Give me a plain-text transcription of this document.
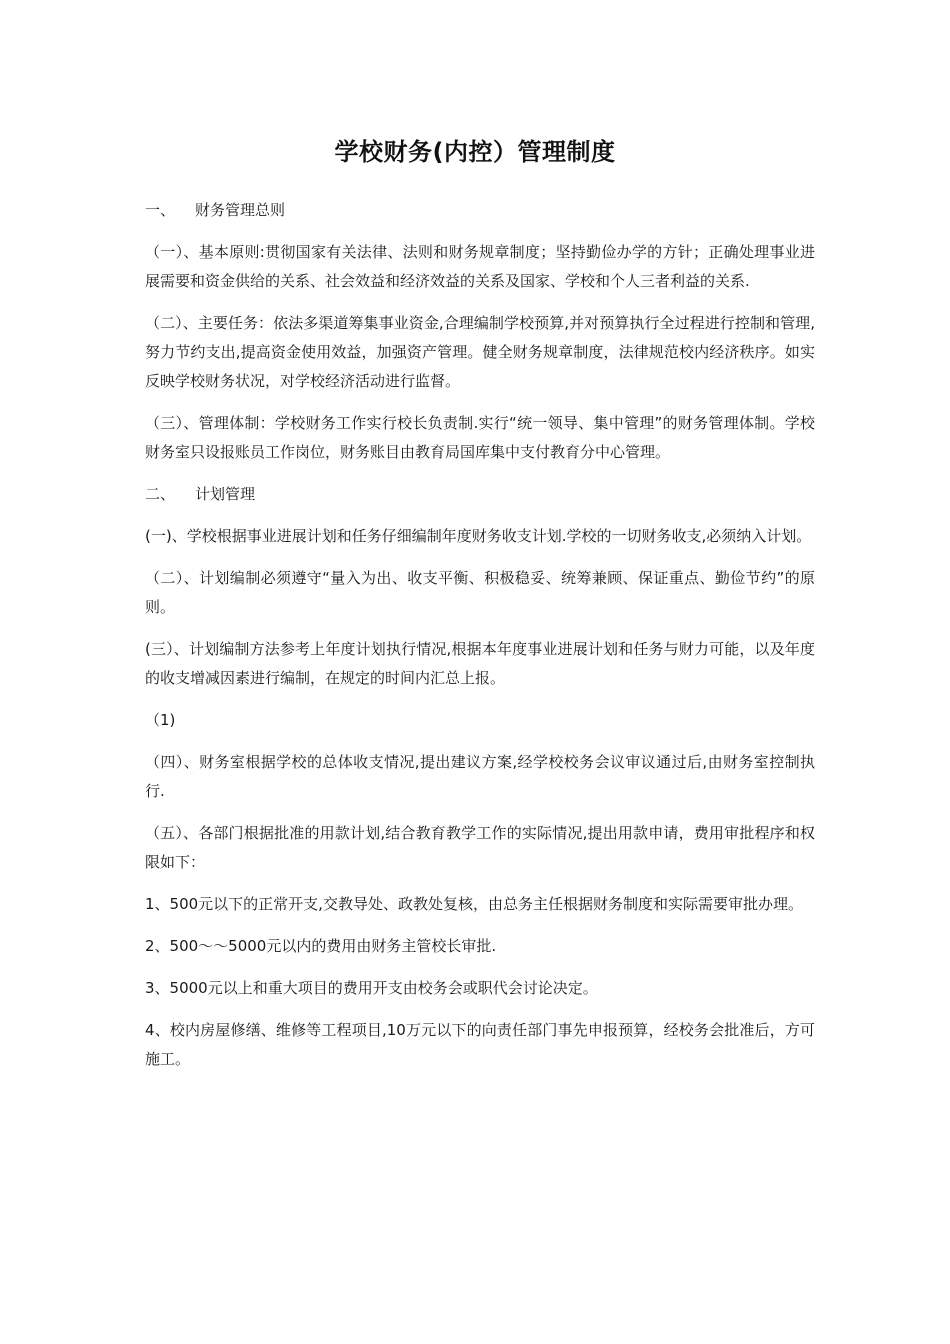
学校财务(内控）管理制度
一、 财务管理总则

（一）、基本原则:贯彻国家有关法律、法则和财务规章制度；坚持勤俭办学的方针；正确处理事业进展需要和资金供给的关系、社会效益和经济效益的关系及国家、学校和个人三者利益的关系.

（二）、主要任务：依法多渠道筹集事业资金,合理编制学校预算,并对预算执行全过程进行控制和管理,努力节约支出,提高资金使用效益，加强资产管理。健全财务规章制度，法律规范校内经济秩序。如实反映学校财务状况，对学校经济活动进行监督。

（三）、管理体制：学校财务工作实行校长负责制.实行“统一领导、集中管理”的财务管理体制。学校财务室只设报账员工作岗位，财务账目由教育局国库集中支付教育分中心管理。

二、 计划管理

(一)、学校根据事业进展计划和任务仔细编制年度财务收支计划.学校的一切财务收支,必须纳入计划。

（二）、计划编制必须遵守“量入为出、收支平衡、积极稳妥、统筹兼顾、保证重点、勤俭节约”的原则。

(三）、计划编制方法参考上年度计划执行情况,根据本年度事业进展计划和任务与财力可能，以及年度的收支增减因素进行编制，在规定的时间内汇总上报。

（1)

（四）、财务室根据学校的总体收支情况,提出建议方案,经学校校务会议审议通过后,由财务室控制执行.

（五）、各部门根据批准的用款计划,结合教育教学工作的实际情况,提出用款申请，费用审批程序和权限如下：

1、500元以下的正常开支,交教导处、政教处复核，由总务主任根据财务制度和实际需要审批办理。

2、500～～5000元以内的费用由财务主管校长审批.

3、5000元以上和重大项目的费用开支由校务会或职代会讨论决定。

4、校内房屋修缮、维修等工程项目,10万元以下的向责任部门事先申报预算，经校务会批准后，方可施工。
